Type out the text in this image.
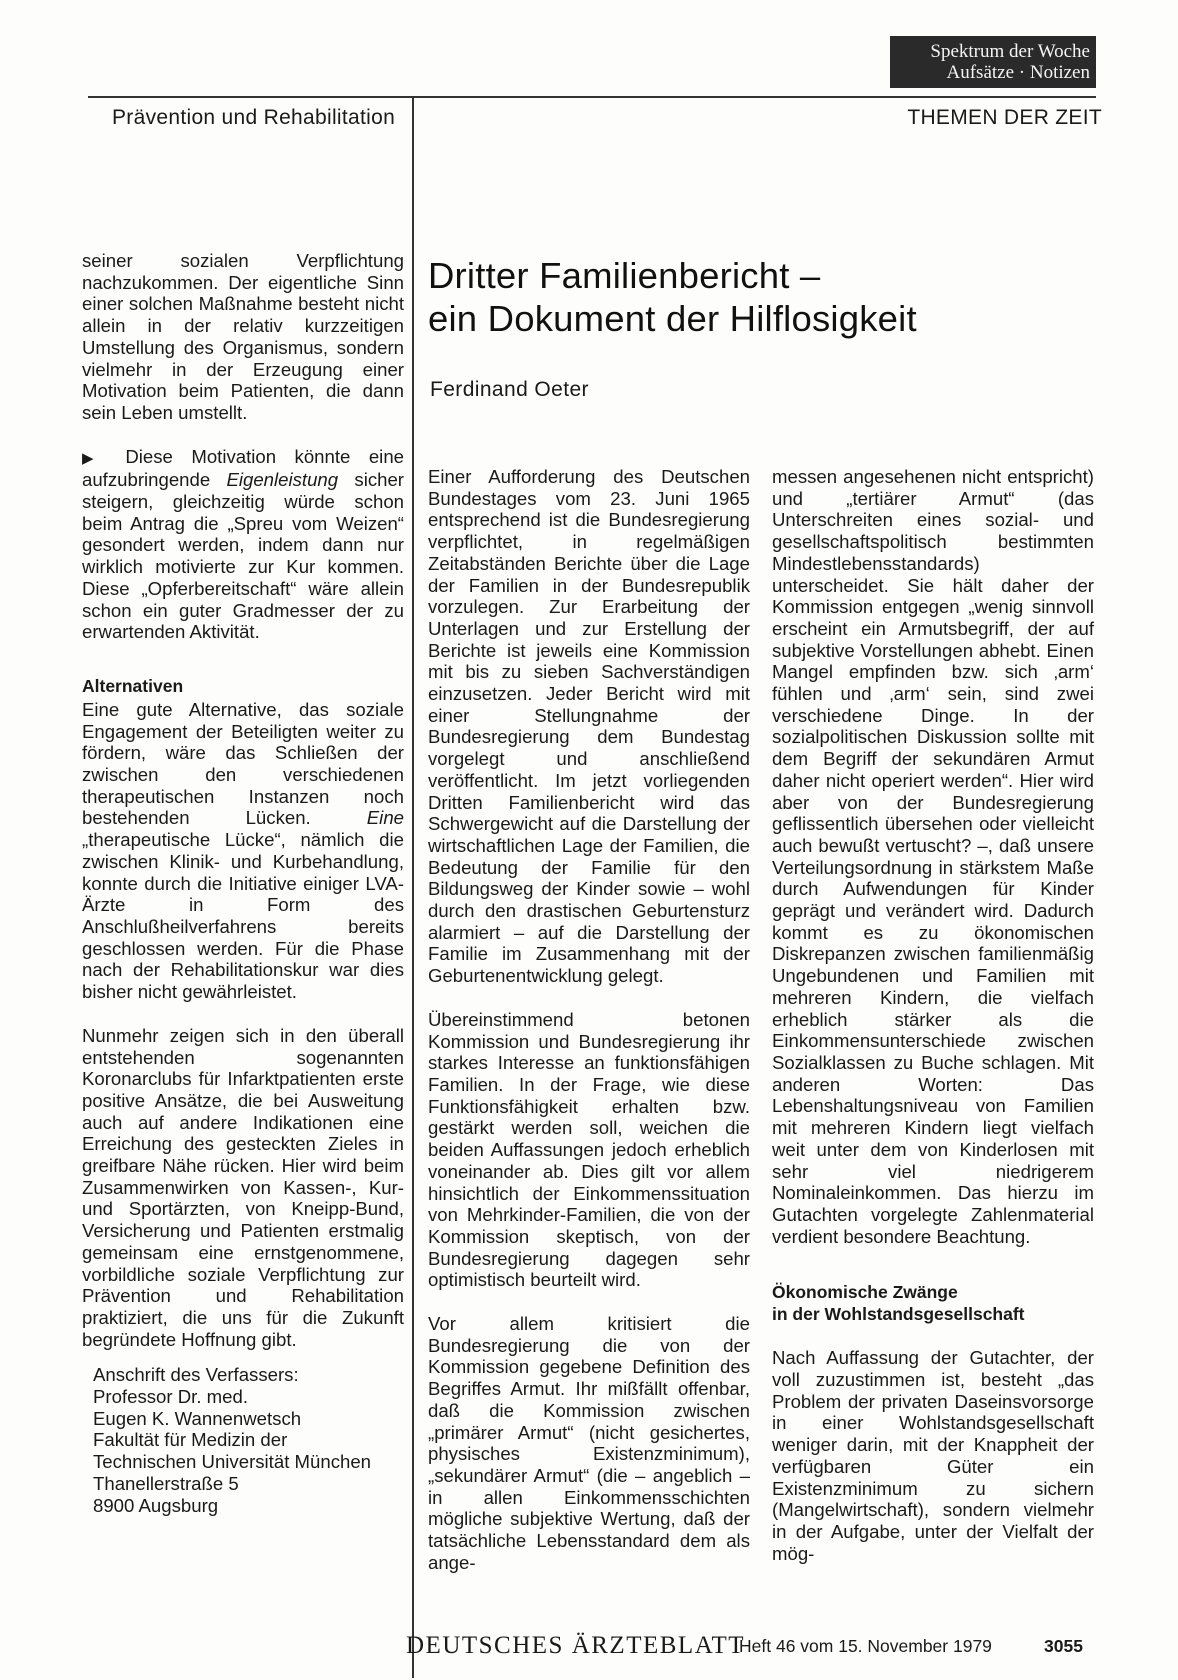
Spektrum der Woche
Aufsätze · Notizen
Prävention und Rehabilitation	THEMEN DER ZEIT
Dritter Familienbericht –
ein Dokument der Hilflosigkeit
Ferdinand Oeter

seiner sozialen Verpflichtung nachzukommen. Der eigentliche Sinn einer solchen Maßnahme besteht nicht allein in der relativ kurzzeitigen Umstellung des Organismus, sondern vielmehr in der Erzeugung einer Motivation beim Patienten, die dann sein Leben umstellt.

▶ Diese Motivation könnte eine aufzubringende Eigenleistung sicher steigern, gleichzeitig würde schon beim Antrag die „Spreu vom Weizen“ gesondert werden, indem dann nur wirklich motivierte zur Kur kommen. Diese „Opferbereitschaft“ wäre allein schon ein guter Gradmesser der zu erwartenden Aktivität.

Alternativen

Eine gute Alternative, das soziale Engagement der Beteiligten weiter zu fördern, wäre das Schließen der zwischen den verschiedenen therapeutischen Instanzen noch bestehenden Lücken.	Eine „therapeutische Lücke“, nämlich die zwischen Klinik- und Kurbehandlung, konnte durch die Initiative einiger LVA-Ärzte in Form des Anschlußheilverfahrens bereits geschlossen werden. Für die Phase nach der Rehabilitationskur war dies bisher nicht gewährleistet.

Nunmehr zeigen sich in den überall entstehenden sogenannten Koronarclubs für Infarktpatienten erste positive Ansätze, die bei Ausweitung auch auf andere Indikationen eine Erreichung des gesteckten Zieles in greifbare Nähe rücken. Hier wird beim Zusammenwirken von Kassen-, Kur- und Sportärzten, von Kneipp-Bund, Versicherung und Patienten erstmalig gemeinsam eine ernstgenommene, vorbildliche soziale Verpflichtung zur Prävention und Rehabilitation praktiziert, die uns für die Zukunft begründete Hoffnung gibt.

Anschrift des Verfassers:
Professor Dr. med.
Eugen K. Wannenwetsch
Fakultät für Medizin der
Technischen Universität München
Thanellerstraße 5
8900 Augsburg

Einer Aufforderung des Deutschen Bundestages vom 23. Juni 1965 entsprechend ist die Bundesregierung verpflichtet, in regelmäßigen Zeitabständen Berichte über die Lage der Familien in der Bundesrepublik vorzulegen. Zur Erarbeitung der Unterlagen und zur Erstellung der Berichte ist jeweils eine Kommission mit bis zu sieben Sachverständigen einzusetzen. Jeder Bericht wird mit einer Stellungnahme der Bundesregierung dem Bundestag vorgelegt und anschließend veröffentlicht. Im jetzt vorliegenden Dritten Familienbericht wird das Schwergewicht auf die Darstellung der wirtschaftlichen Lage der Familien, die Bedeutung der Familie für den Bildungsweg der Kinder sowie – wohl durch den drastischen Geburtensturz alarmiert – auf die Darstellung der Familie im Zusammenhang mit der Geburtenentwicklung gelegt.

Übereinstimmend betonen Kommission und Bundesregierung ihr starkes Interesse an funktionsfähigen Familien. In der Frage, wie diese Funktionsfähigkeit erhalten bzw. gestärkt werden soll, weichen die beiden Auffassungen jedoch erheblich voneinander ab. Dies gilt vor allem hinsichtlich der Einkommenssituation von Mehrkinder-Familien, die von der Kommission skeptisch, von der Bundesregierung dagegen sehr optimistisch beurteilt wird.

Vor allem kritisiert die Bundesregierung die von der Kommission gegebene Definition des Begriffes Armut. Ihr mißfällt offenbar, daß die Kommission zwischen „primärer Armut“ (nicht gesichertes, physisches Existenzminimum), „sekundärer Armut“ (die – angeblich – in allen Einkommensschichten mögliche subjektive Wertung, daß der tatsächliche Lebensstandard dem als ange-

messen angesehenen nicht entspricht) und „tertiärer Armut“ (das Unterschreiten eines sozial- und gesellschaftspolitisch bestimmten Mindestlebensstandards) unterscheidet. Sie hält daher der Kommission entgegen „wenig sinnvoll erscheint ein Armutsbegriff, der auf subjektive Vorstellungen abhebt. Einen Mangel empfinden bzw. sich ‚arm‘ fühlen und ‚arm‘ sein, sind zwei verschiedene Dinge. In der sozialpolitischen Diskussion sollte mit dem Begriff der sekundären Armut daher nicht operiert werden“. Hier wird aber von der Bundesregierung geflissentlich übersehen oder vielleicht auch bewußt vertuscht? –, daß unsere Verteilungsordnung in stärkstem Maße durch Aufwendungen für Kinder geprägt und verändert wird. Dadurch kommt es zu ökonomischen Diskrepanzen zwischen familienmäßig Ungebundenen und Familien mit mehreren Kindern, die vielfach erheblich stärker als die Einkommensunterschiede zwischen Sozialklassen zu Buche schlagen. Mit anderen Worten: Das Lebenshaltungsniveau von Familien mit mehreren Kindern liegt vielfach weit unter dem von Kinderlosen mit sehr viel niedrigerem Nominaleinkommen. Das hierzu im Gutachten vorgelegte Zahlenmaterial verdient besondere Beachtung.

Ökonomische Zwänge
in der Wohlstandsgesellschaft

Nach Auffassung der Gutachter, der voll zuzustimmen ist, besteht „das Problem der privaten Daseinsvorsorge in einer Wohlstandsgesellschaft weniger darin, mit der Knappheit der verfügbaren Güter ein Existenzminimum zu sichern (Mangelwirtschaft), sondern vielmehr in der Aufgabe, unter der Vielfalt der mög-

DEUTSCHES ÄRZTEBLATT
Heft 46 vom 15. November 1979	3055
